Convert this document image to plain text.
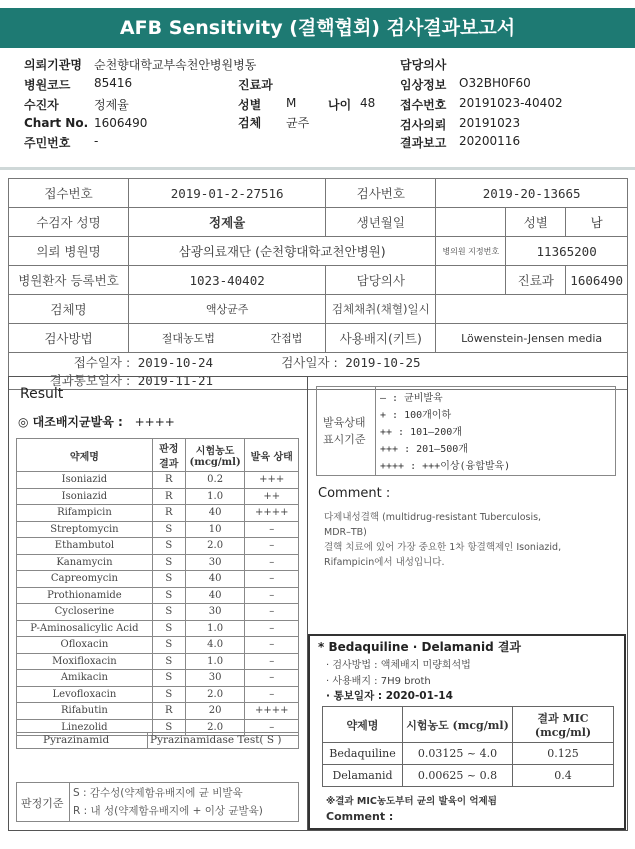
AFB Sensitivity (결핵협회) 검사결과보고서
의뢰기관명 순천향대학교부속천안병원병동
병원코드 85416
수진자	정제율
Chart No. 1606490
주민번호 -
진료과
성별 M	나이 48
검체 균주
담당의사
임상정보 O32BH0F60
접수번호 20191023-40402
검사의뢰 20191023
결과보고 20200116
접수번호	2019-01-2-27516		검사번호	2019-20-13665		
수검자 성명	정제율		생년월일		성별	남
의뢰 병원명	삼광의료재단 (순천향대학교천안병원)			병의원 지정번호	11365200	
병원환자 등록번호	1023-40402		담당의사		진료과	1606490
검체명	액상균주		검체채취(채혈)일시			
검사방법	절대농도법	간접법	사용배지(키트)	Löwenstein-Jensen media		
접수일자 : 2019-10-24 검사일자 : 2019-10-25 결과통보일자 : 2019-11-21						
Result
◎ 대조배지균발육 : ++++
약제명	판정 결과	시험농도 (mcg/ml)	발육 상태
Isoniazid	R	0.2	+++
Isoniazid	R	1.0	++
Rifampicin	R	40	++++
Streptomycin	S	10	–
Ethambutol	S	2.0	–
Kanamycin	S	30	–
Capreomycin	S	40	–
Prothionamide	S	40	–
Cycloserine	S	30	–
P-Aminosalicylic Acid	S	1.0	–
Ofloxacin	S	4.0	–
Moxifloxacin	S	1.0	–
Amikacin	S	30	–
Levofloxacin	S	2.0	–
Rifabutin	R	20	++++
Linezolid	S	2.0	–
Pyrazinamid	Pyrazinamidase Test( S )
판정기준
S : 감수성(약제함유배지에 균 비발육
R : 내 성(약제함유배지에 + 이상 균발육)
발육상태 표시기준
– : 균비발육
+ : 100개이하
++ : 101–200개
+++ : 201–500개
++++ : +++이상(융합발육)
Comment :
다제내성결핵 (multidrug-resistant Tuberculosis,
MDR–TB)
결핵 치료에 있어 가장 중요한 1차 항결핵제인 Isoniazid,
Rifampicin에서 내성입니다.
* Bedaquiline · Delamanid 결과
· 검사방법 : 액체배지 미량희석법
· 사용배지 : 7H9 broth
· 통보일자 : 2020-01-14
약제명	시험농도 (mcg/ml)	결과 MIC (mcg/ml)
Bedaquiline	0.03125 ~ 4.0	0.125
Delamanid	0.00625 ~ 0.8	0.4
※결과 MIC농도부터 균의 발육이 억제됨
Comment :
